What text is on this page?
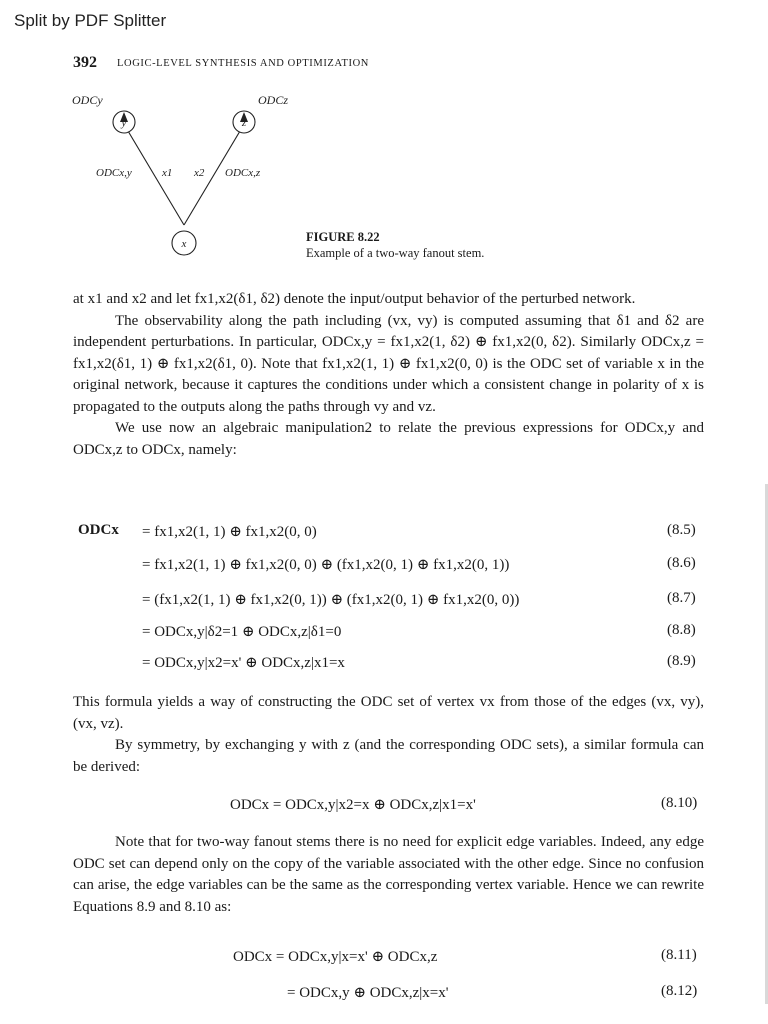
Split by PDF Splitter
392 LOGIC-LEVEL SYNTHESIS AND OPTIMIZATION
y	z
x
ODCy	ODCz
ODCx,y	x1 x2 ODCx,z
FIGURE 8.22
Example of a two-way fanout stem.

at x1 and x2 and let fx1,x2(δ1, δ2) denote the input/output behavior of the perturbed network.

The observability along the path including (vx, vy) is computed assuming that δ1 and δ2 are independent perturbations. In particular, ODCx,y = fx1,x2(1, δ2) ⊕ fx1,x2(0, δ2). Similarly ODCx,z = fx1,x2(δ1, 1) ⊕ fx1,x2(δ1, 0). Note that fx1,x2(1, 1) ⊕ fx1,x2(0, 0) is the ODC set of variable x in the original network, because it captures the conditions under which a consistent change in polarity of x is propagated to the outputs along the paths through vy and vz.

We use now an algebraic manipulation2 to relate the previous expressions for ODCx,y and ODCx,z to ODCx, namely:

ODCx = fx1,x2(1, 1) ⊕ fx1,x2(0, 0)	(8.5)
= fx1,x2(1, 1) ⊕ fx1,x2(0, 0) ⊕ (fx1,x2(0, 1) ⊕ fx1,x2(0, 1))	(8.6)
= (fx1,x2(1, 1) ⊕ fx1,x2(0, 1)) ⊕ (fx1,x2(0, 1) ⊕ fx1,x2(0, 0))	(8.7)
= ODCx,y|δ2=1 ⊕ ODCx,z|δ1=0	(8.8)
= ODCx,y|x2=x' ⊕ ODCx,z|x1=x	(8.9)

This formula yields a way of constructing the ODC set of vertex vx from those of the edges (vx, vy), (vx, vz).

By symmetry, by exchanging y with z (and the corresponding ODC sets), a similar formula can be derived:

ODCx = ODCx,y|x2=x ⊕ ODCx,z|x1=x'	(8.10)

Note that for two-way fanout stems there is no need for explicit edge variables. Indeed, any edge ODC set can depend only on the copy of the variable associated with the other edge. Since no confusion can arise, the edge variables can be the same as the corresponding vertex variable. Hence we can rewrite Equations 8.9 and 8.10 as:

ODCx = ODCx,y|x=x' ⊕ ODCx,z	(8.11)
= ODCx,y ⊕ ODCx,z|x=x'	(8.12)
